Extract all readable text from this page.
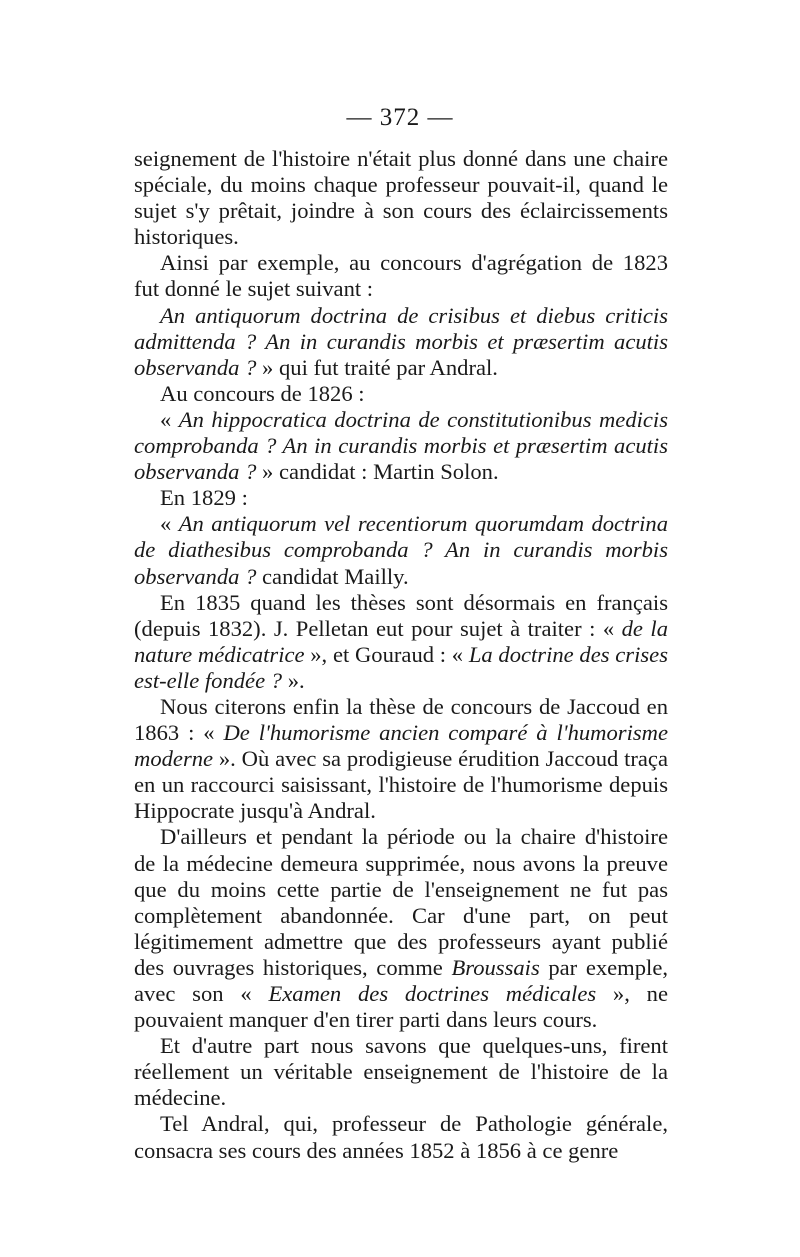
— 372 —

seignement de l'histoire n'était plus donné dans une chaire spéciale, du moins chaque professeur pouvait-il, quand le sujet s'y prêtait, joindre à son cours des éclaircissements historiques.

Ainsi par exemple, au concours d'agrégation de 1823 fut donné le sujet suivant :

An antiquorum doctrina de crisibus et diebus criticis admittenda ? An in curandis morbis et præsertim acutis observanda ? » qui fut traité par Andral.

Au concours de 1826 :

« An hippocratica doctrina de constitutionibus medicis comprobanda ? An in curandis morbis et præsertim acutis observanda ? » candidat : Martin Solon.

En 1829 :

« An antiquorum vel recentiorum quorumdam doctrina de diathesibus comprobanda ? An in curandis morbis observanda ? candidat Mailly.

En 1835 quand les thèses sont désormais en français (depuis 1832). J. Pelletan eut pour sujet à traiter : « de la nature médicatrice », et Gouraud : « La doctrine des crises est-elle fondée ? ».

Nous citerons enfin la thèse de concours de Jaccoud en 1863 : « De l'humorisme ancien comparé à l'humorisme moderne ». Où avec sa prodigieuse érudition Jaccoud traça en un raccourci saisissant, l'histoire de l'humorisme depuis Hippocrate jusqu'à Andral.

D'ailleurs et pendant la période ou la chaire d'histoire de la médecine demeura supprimée, nous avons la preuve que du moins cette partie de l'enseignement ne fut pas complètement abandonnée. Car d'une part, on peut légitimement admettre que des professeurs ayant publié des ouvrages historiques, comme Broussais par exemple, avec son « Examen des doctrines médicales », ne pouvaient manquer d'en tirer parti dans leurs cours.

Et d'autre part nous savons que quelques-uns, firent réellement un véritable enseignement de l'histoire de la médecine.

Tel Andral, qui, professeur de Pathologie générale, consacra ses cours des années 1852 à 1856 à ce genre
